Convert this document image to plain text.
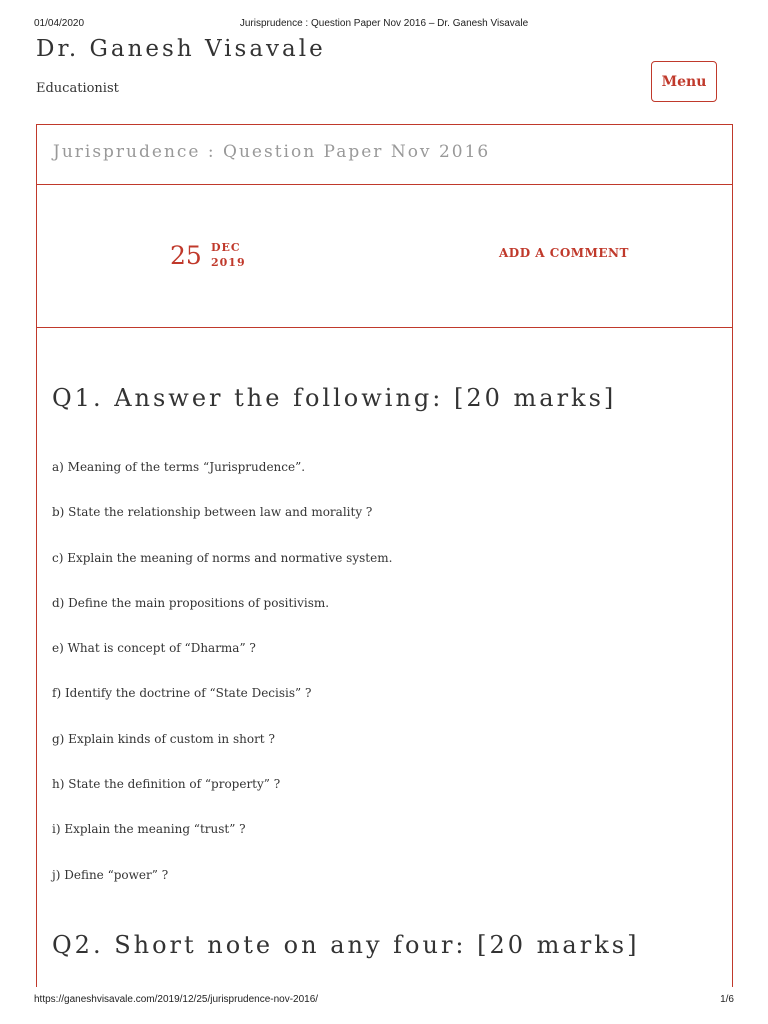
01/04/2020	Jurisprudence : Question Paper Nov 2016 – Dr. Ganesh Visavale
Dr. Ganesh Visavale
Educationist	Menu
Jurisprudence : Question Paper Nov 2016
25 DEC
2019
ADD A COMMENT
Q1. Answer the following: [20 marks]
a) Meaning of the terms “Jurisprudence”.
b) State the relationship between law and morality ?
c) Explain the meaning of norms and normative system.
d) Define the main propositions of positivism.
e) What is concept of “Dharma” ?
f) Identify the doctrine of “State Decisis” ?
g) Explain kinds of custom in short ?
h) State the definition of “property” ?
i) Explain the meaning “trust” ?
j) Define “power” ?
Q2. Short note on any four: [20 marks]
https://ganeshvisavale.com/2019/12/25/jurisprudence-nov-2016/	1/6
